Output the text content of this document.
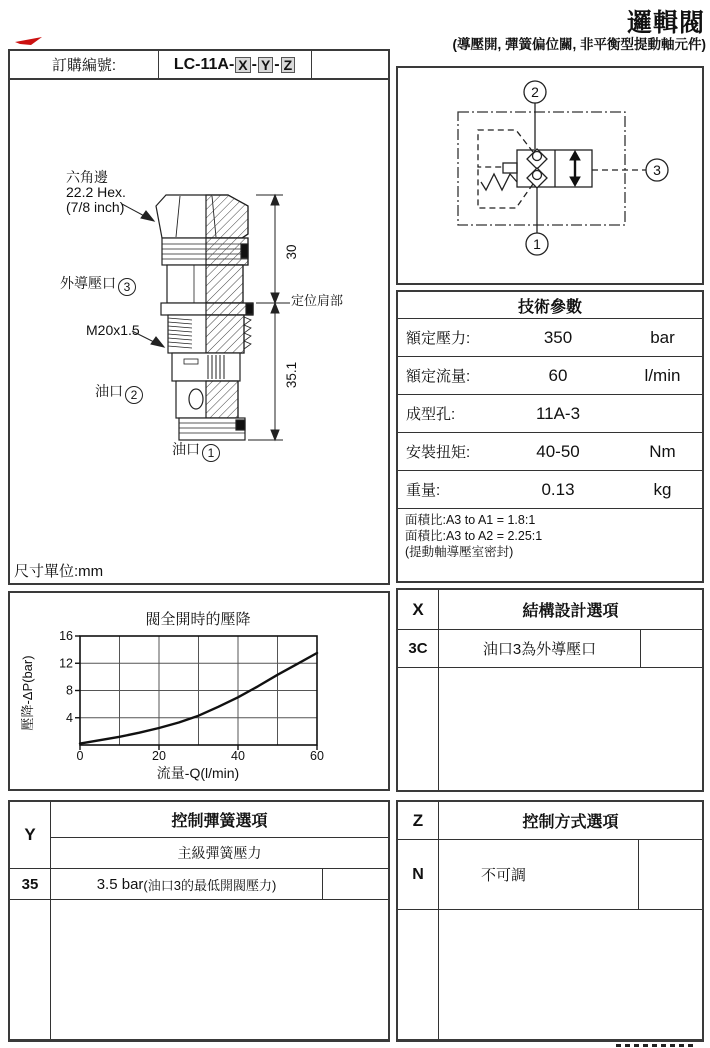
邏輯閥
(導壓開, 彈簧偏位關, 非平衡型提動軸元件)
訂購編號:	LC-11A- X - Y - Z
30
35.1
六角邊
22.2 Hex.
(7/8 inch)
外導壓口 3
定位肩部
M20x1.5
油口 2
油口 1
尺寸單位:mm
2
1
3
技術參數
額定壓力:	350	bar
額定流量:	60	l/min
成型孔:	11A-3
安裝扭矩:	40-50	Nm
重量:	0.13	kg
面積比:A3 to A1 = 1.8:1
面積比:A3 to A2 = 2.25:1
(提動軸導壓室密封)
閥全開時的壓降
16
12
8
4
0	20	40	60
壓降-ΔP(bar)
流量-Q(l/min)
X	結構設計選項
3C	油口3為外導壓口
Y
控制彈簧選項
主級彈簧壓力
35	3.5 bar (油口3的最低開閥壓力)
Z	控制方式選項
N	不可調
